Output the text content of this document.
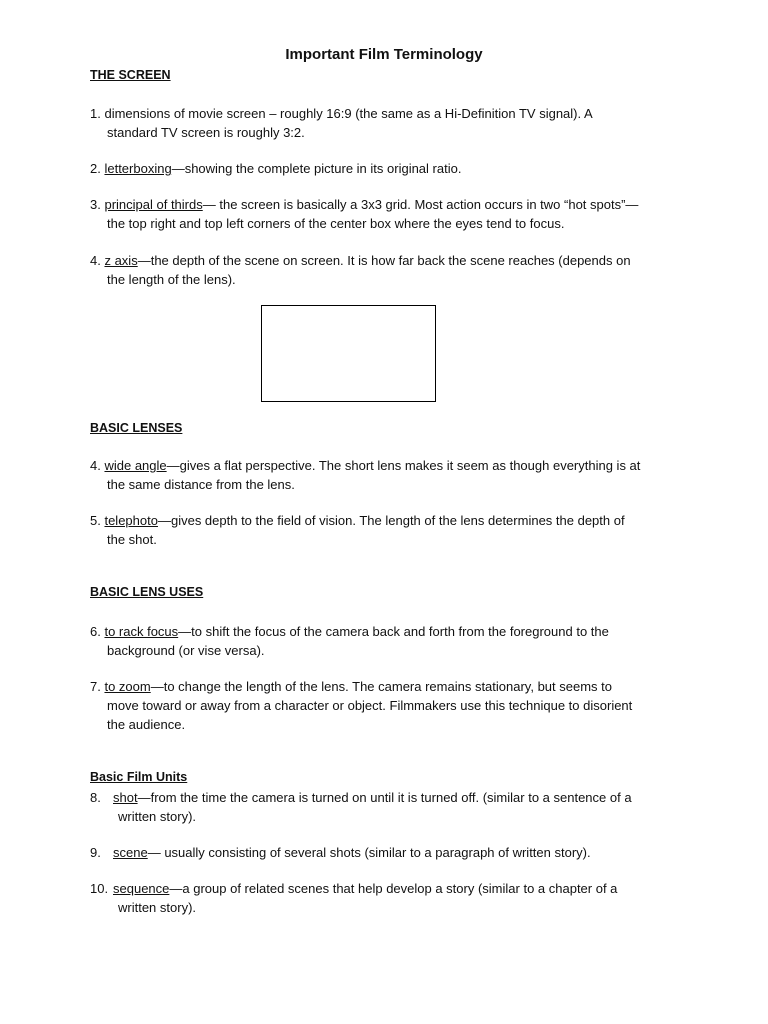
Important Film Terminology
THE SCREEN
1. dimensions of movie screen – roughly 16:9 (the same as a Hi-Definition TV signal). A
standard TV screen is roughly 3:2.
2. letterboxing—showing the complete picture in its original ratio.
3. principal of thirds— the screen is basically a 3x3 grid. Most action occurs in two “hot spots”—
the top right and top left corners of the center box where the eyes tend to focus.
4. z axis—the depth of the scene on screen. It is how far back the scene reaches (depends on
the length of the lens).
BASIC LENSES
4. wide angle—gives a flat perspective. The short lens makes it seem as though everything is at
the same distance from the lens.
5. telephoto—gives depth to the field of vision. The length of the lens determines the depth of
the shot.
BASIC LENS USES
6. to rack focus—to shift the focus of the camera back and forth from the foreground to the
background (or vise versa).
7. to zoom—to change the length of the lens. The camera remains stationary, but seems to
move toward or away from a character or object. Filmmakers use this technique to disorient
the audience.
Basic Film Units
8. shot—from the time the camera is turned on until it is turned off. (similar to a sentence of a
written story).
9. scene— usually consisting of several shots (similar to a paragraph of written story).
10. sequence—a group of related scenes that help develop a story (similar to a chapter of a
written story).
